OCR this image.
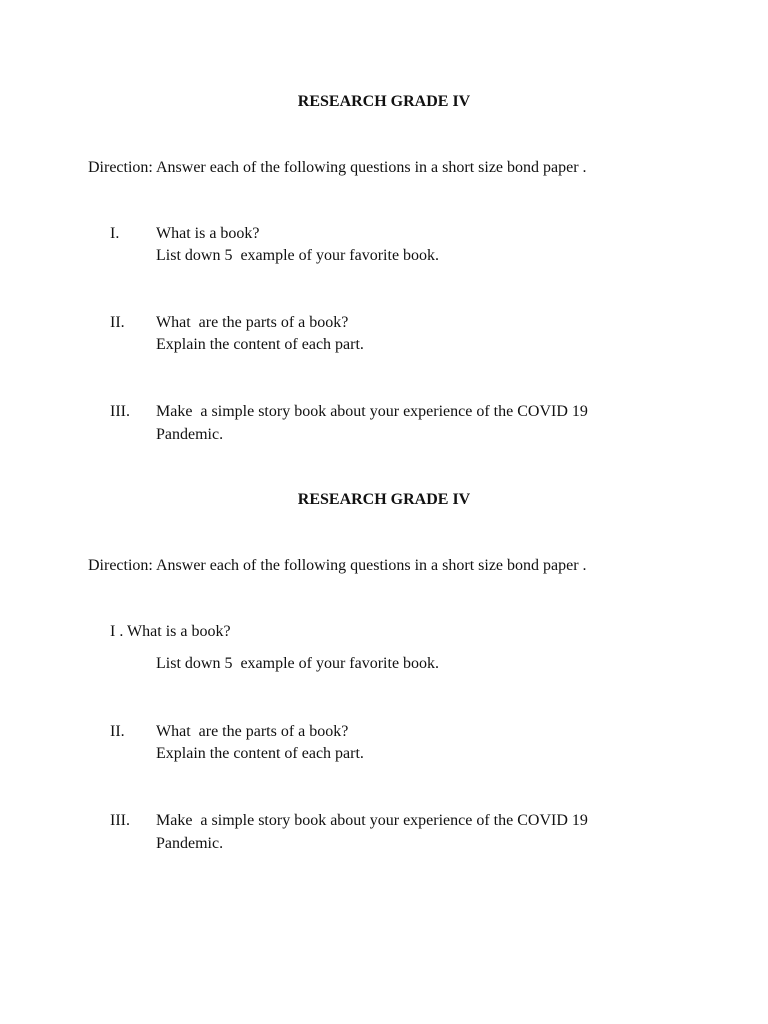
RESEARCH GRADE IV
Direction: Answer each of the following questions in a short size bond paper .
I. What is a book?
List down 5  example of your favorite book.
II. What  are the parts of a book?
Explain the content of each part.
III. Make  a simple story book about your experience of the COVID 19
Pandemic.
RESEARCH GRADE IV
Direction: Answer each of the following questions in a short size bond paper .
I . What is a book?
List down 5  example of your favorite book.
II. What  are the parts of a book?
Explain the content of each part.
III. Make  a simple story book about your experience of the COVID 19
Pandemic.
